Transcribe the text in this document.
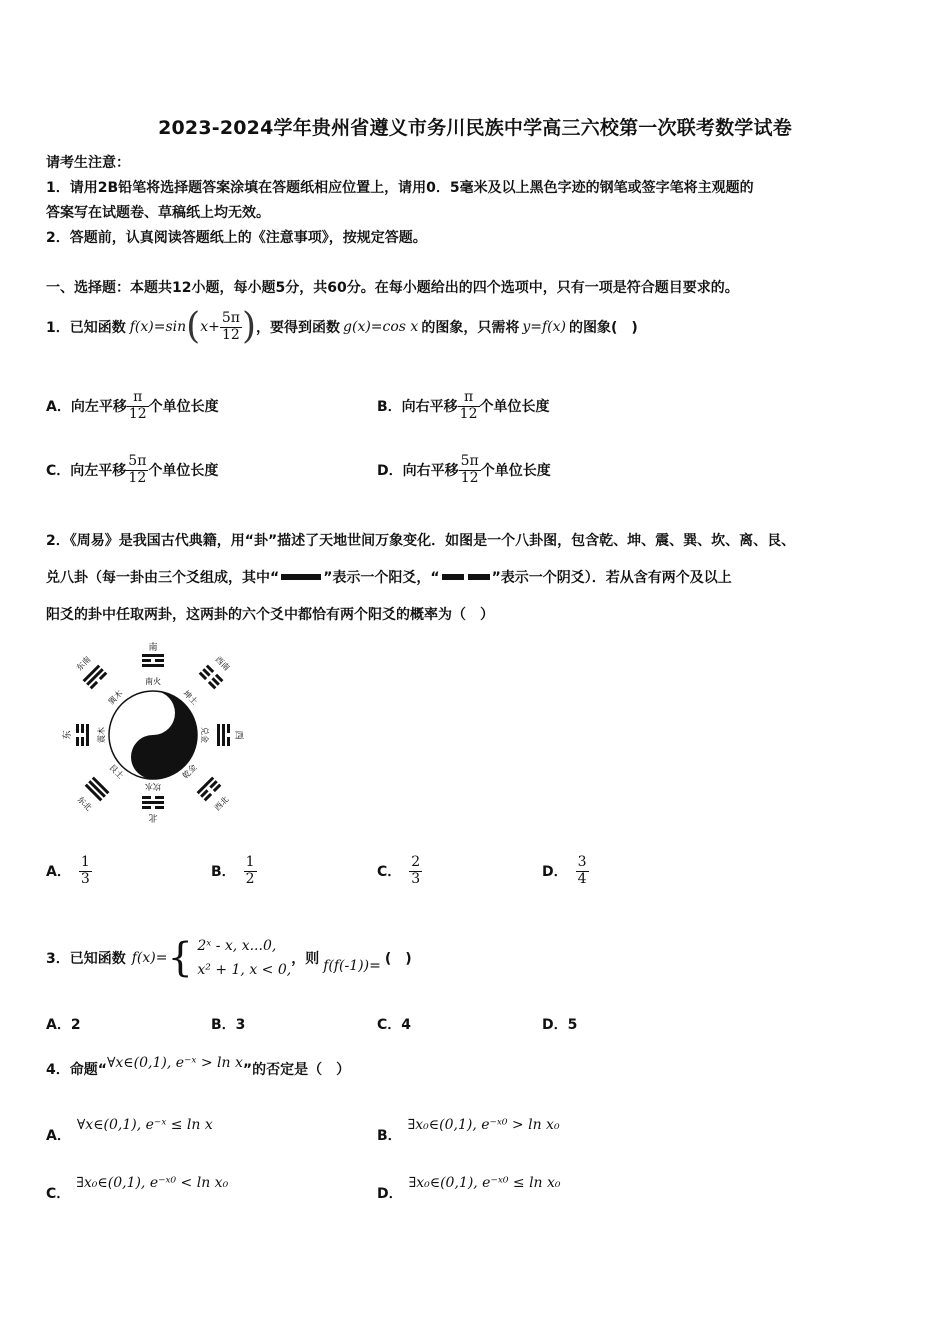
2023-2024学年贵州省遵义市务川民族中学高三六校第一次联考数学试卷
请考生注意：
1．请用2B铅笔将选择题答案涂填在答题纸相应位置上，请用0．5毫米及以上黑色字迹的钢笔或签字笔将主观题的
答案写在试题卷、草稿纸上均无效。
2．答题前，认真阅读答题纸上的《注意事项》，按规定答题。
一、选择题：本题共12小题，每小题5分，共60分。在每小题给出的四个选项中，只有一项是符合题目要求的。
1．已知函数 f(x)=sin ( $x+ \frac{5\pi}{12}$ ) ，要得到函数 g(x)=cos x 的图象，只需将 y=f(x) 的图象(　)
A． 向左平移 $\frac{\pi}{12}$ 个单位长度	B． 向右平移 $\frac{\pi}{12}$ 个单位长度
C． 向左平移 $\frac{5\pi}{12}$ 个单位长度	D． 向右平移 $\frac{5\pi}{12}$ 个单位长度
2．《周易》是我国古代典籍，用“卦”描述了天地世间万象变化．如图是一个八卦图，包含乾、坤、震、巽、坎、离、艮、
兑八卦（每一卦由三个爻组成，其中“	”表示一个阳爻，“	”表示一个阴爻）．若从含有两个及以上
阳爻的卦中任取两卦，这两卦的六个爻中都恰有两个阳爻的概率为（　）
南
北
东	西
东南	西南
东北	西北
南火
坎水
震木	兑金
巽木	坤土
艮土	乾金
A． $\frac{1}{3}$	B． $\frac{1}{2}$	C． $\frac{2}{3}$	D． $\frac{3}{4}$
3．已知函数 f(x)= { 2ˣ - x, x...0,
x² + 1, x < 0,
，则 f(f(-1))= (　)
A．2	B．3	C．4	D．5
4．命题“ ∀x∈(0,1), e⁻ˣ > ln x ”的否定是（　）
A．
∀x∈(0,1), e⁻ˣ ≤ ln x
B．
∃x₀∈(0,1), e⁻ˣ⁰ > ln x₀
C．
∃x₀∈(0,1), e⁻ˣ⁰ < ln x₀
D．
∃x₀∈(0,1), e⁻ˣ⁰ ≤ ln x₀
